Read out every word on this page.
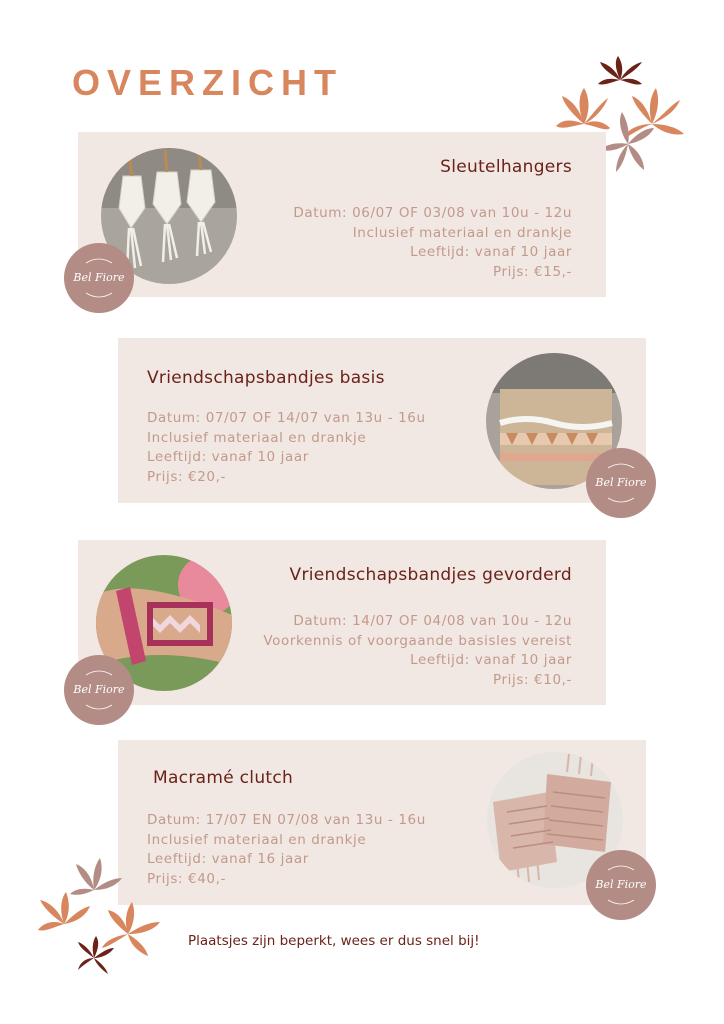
OVERZICHT
Sleutelhangers
Datum: 06/07 OF 03/08 van 10u - 12u
Inclusief materiaal en drankje
Leeftijd: vanaf 10 jaar
Prijs: €15,-
Bel Fiore
Vriendschapsbandjes basis
Datum: 07/07 OF 14/07 van 13u - 16u
Inclusief materiaal en drankje
Leeftijd: vanaf 10 jaar
Prijs: €20,-	Bel Fiore
Vriendschapsbandjes gevorderd
Datum: 14/07 OF 04/08 van 10u - 12u
Voorkennis of voorgaande basisles vereist
Leeftijd: vanaf 10 jaar
Prijs: €10,-
Bel Fiore
Macramé clutch
Datum: 17/07 EN 07/08 van 13u - 16u
Inclusief materiaal en drankje
Leeftijd: vanaf 16 jaar
Prijs: €40,-	Bel Fiore
Plaatsjes zijn beperkt, wees er dus snel bij!
